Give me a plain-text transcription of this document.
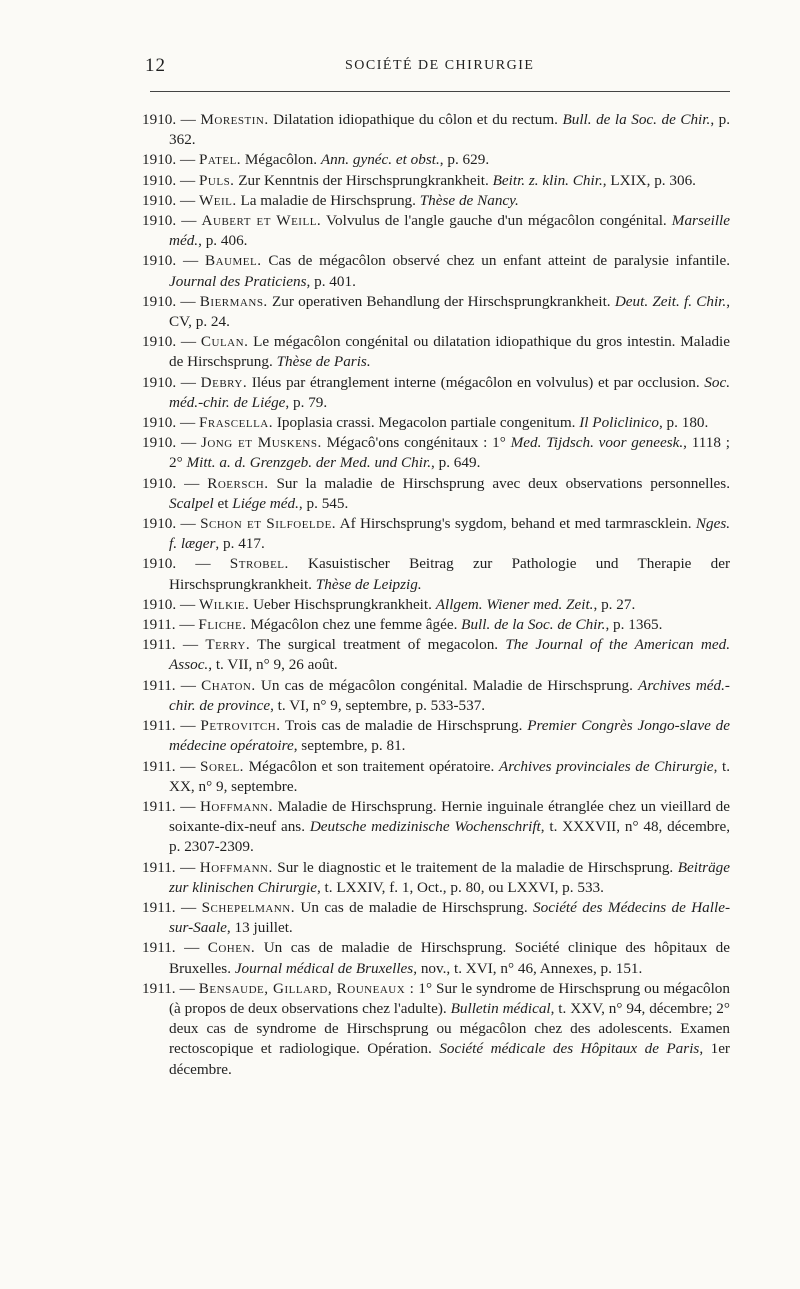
12	SOCIÉTÉ DE CHIRURGIE
1910. — Morestin. Dilatation idiopathique du côlon et du rectum. Bull. de la Soc. de Chir., p. 362.
1910. — Patel. Mégacôlon. Ann. gynéc. et obst., p. 629.
1910. — Puls. Zur Kenntnis der Hirschsprungkrankheit. Beitr. z. klin. Chir., LXIX, p. 306.
1910. — Weil. La maladie de Hirschsprung. Thèse de Nancy.
1910. — Aubert et Weill. Volvulus de l'angle gauche d'un mégacôlon congénital. Marseille méd., p. 406.
1910. — Baumel. Cas de mégacôlon observé chez un enfant atteint de paralysie infantile. Journal des Praticiens, p. 401.
1910. — Biermans. Zur operativen Behandlung der Hirschsprungkrankheit. Deut. Zeit. f. Chir., CV, p. 24.
1910. — Culan. Le mégacôlon congénital ou dilatation idiopathique du gros intestin. Maladie de Hirschsprung. Thèse de Paris.
1910. — Debry. Iléus par étranglement interne (mégacôlon en volvulus) et par occlusion. Soc. méd.-chir. de Liége, p. 79.
1910. — Frascella. Ipoplasia crassi. Megacolon partiale congenitum. Il Policlinico, p. 180.
1910. — Jong et Muskens. Mégacô'ons congénitaux : 1° Med. Tijdsch. voor geneesk., 1118 ; 2° Mitt. a. d. Grenzgeb. der Med. und Chir., p. 649.
1910. — Roersch. Sur la maladie de Hirschsprung avec deux observations personnelles. Scalpel et Liége méd., p. 545.
1910. — Schon et Silfoelde. Af Hirschsprung's sygdom, behand et med tarmrascklein. Nges. f. læger, p. 417.
1910. — Strobel. Kasuistischer Beitrag zur Pathologie und Therapie der Hirschsprungkrankheit. Thèse de Leipzig.
1910. — Wilkie. Ueber Hischsprungkrankheit. Allgem. Wiener med. Zeit., p. 27.
1911. — Fliche. Mégacôlon chez une femme âgée. Bull. de la Soc. de Chir., p. 1365.
1911. — Terry. The surgical treatment of megacolon. The Journal of the American med. Assoc., t. VII, n° 9, 26 août.
1911. — Chaton. Un cas de mégacôlon congénital. Maladie de Hirschsprung. Archives méd.-chir. de province, t. VI, n° 9, septembre, p. 533-537.
1911. — Petrovitch. Trois cas de maladie de Hirschsprung. Premier Congrès Jongo-slave de médecine opératoire, septembre, p. 81.
1911. — Sorel. Mégacôlon et son traitement opératoire. Archives provinciales de Chirurgie, t. XX, n° 9, septembre.
1911. — Hoffmann. Maladie de Hirschsprung. Hernie inguinale étranglée chez un vieillard de soixante-dix-neuf ans. Deutsche medizinische Wochenschrift, t. XXXVII, n° 48, décembre, p. 2307-2309.
1911. — Hoffmann. Sur le diagnostic et le traitement de la maladie de Hirschsprung. Beiträge zur klinischen Chirurgie, t. LXXIV, f. 1, Oct., p. 80, ou LXXVI, p. 533.
1911. — Schepelmann. Un cas de maladie de Hirschsprung. Société des Médecins de Halle-sur-Saale, 13 juillet.
1911. — Cohen. Un cas de maladie de Hirschsprung. Société clinique des hôpitaux de Bruxelles. Journal médical de Bruxelles, nov., t. XVI, n° 46, Annexes, p. 151.
1911. — Bensaude, Gillard, Rouneaux : 1° Sur le syndrome de Hirschsprung ou mégacôlon (à propos de deux observations chez l'adulte). Bulletin médical, t. XXV, n° 94, décembre; 2° deux cas de syndrome de Hirschsprung ou mégacôlon chez des adolescents. Examen rectoscopique et radiologique. Opération. Société médicale des Hôpitaux de Paris, 1er décembre.
